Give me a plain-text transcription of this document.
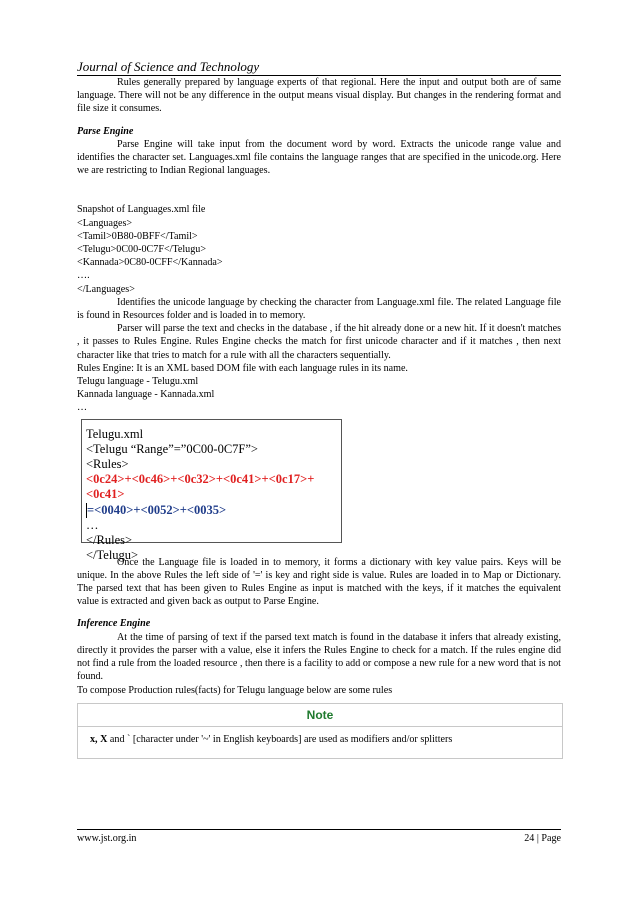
Journal of Science and Technology

Rules generally prepared by language experts of that regional. Here the input and output both are of same language. There will not be any difference in the output means visual display. But changes in the rendering format and file size it consumes.

Parse Engine

Parse Engine will take input from the document word by word. Extracts the unicode range value and identifies the character set. Languages.xml file contains the language ranges that are specified in the unicode.org. Here we are restricting to Indian Regional languages.

Snapshot of Languages.xml file
<Languages>
<Tamil>0B80-0BFF</Tamil>
<Telugu>0C00-0C7F</Telugu>
<Kannada>0C80-0CFF</Kannada>
….
</Languages>

Identifies the unicode language by checking the character from Language.xml file. The related Language file is found in Resources folder and is loaded in to memory.

Parser will parse the text and checks in the database , if the hit already done or a new hit. If it doesn't matches , it passes to Rules Engine. Rules Engine checks the match for first unicode character and if it matches , then next character like that tries to match for a rule with all the characters sequentially.

Rules Engine: It is an XML based DOM file with each language rules in its name.
Telugu language - Telugu.xml
Kannada language - Kannada.xml
…
Telugu.xml
<Telugu “Range”=”0C00-0C7F”>
<Rules>
<0c24>+<0c46>+<0c32>+<0c41>+<0c17>+<0c41>
=<0040>+<0052>+<0035>
…
</Rules>
</Telugu>

Once the Language file is loaded in to memory, it forms a dictionary with key value pairs. Keys will be unique. In the above Rules the left side of '=' is key and right side is value. Rules are loaded in to Map or Dictionary. The parsed text that has been given to Rules Engine as input is matched with the keys, if it matches the equivalent value is extracted and given back as output to Parse Engine.

Inference Engine

At the time of parsing of text if the parsed text match is found in the database it infers that already existing, directly it provides the parser with a value, else it infers the Rules Engine to check for a match. If the rules engine did not find a rule from the loaded resource , then there is a facility to add or compose a new rule for a new word that is not found.

To compose Production rules(facts) for Telugu language below are some rules

Note
x, X and ` [character under '~' in English keyboards] are used as modifiers and/or splitters
www.jst.org.in	24 | Page
